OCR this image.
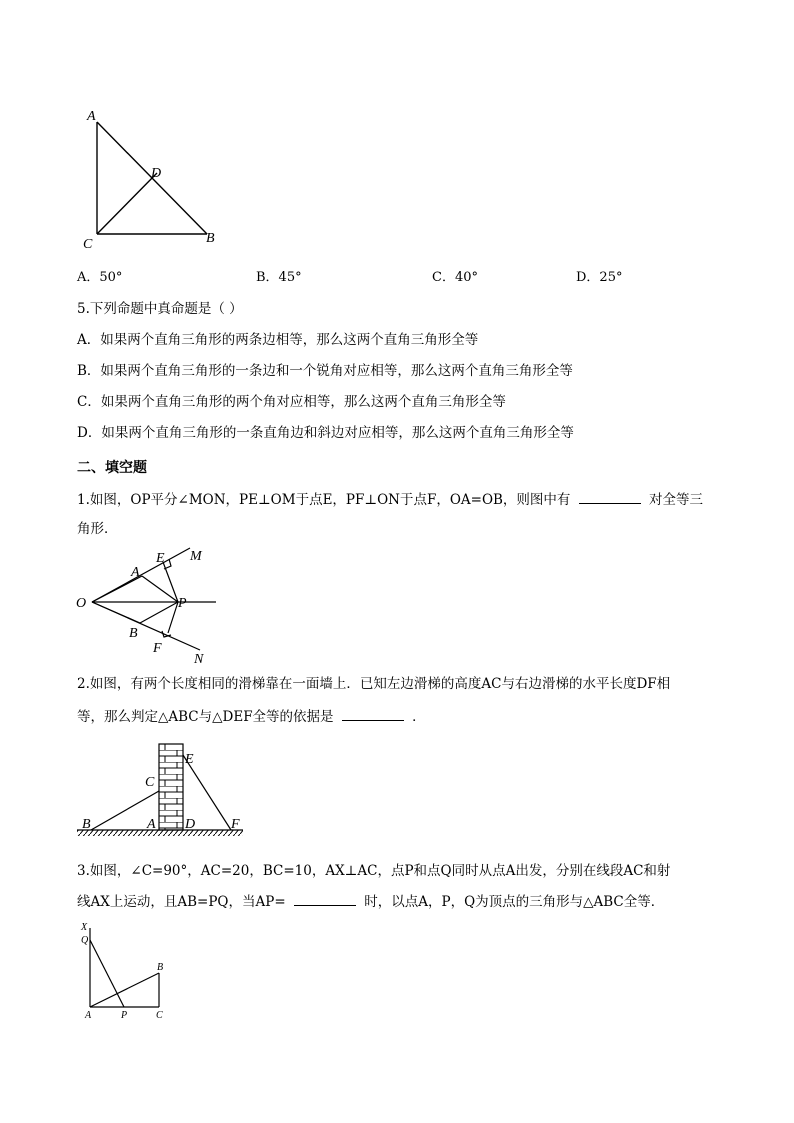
A
C	B
D
A．50°	B．45°	C．40°	D．25°
5.下列命题中真命题是（ ）
A．如果两个直角三角形的两条边相等，那么这两个直角三角形全等
B．如果两个直角三角形的一条边和一个锐角对应相等，那么这两个直角三角形全等
C．如果两个直角三角形的两个角对应相等，那么这两个直角三角形全等
D．如果两个直角三角形的一条直角边和斜边对应相等，那么这两个直角三角形全等
二、填空题
1.如图，OP平分∠MON，PE⊥OM于点E，PF⊥ON于点F，OA=OB，则图中有	对全等三
角形．
O
A
E M
P
B
F
N
2.如图，有两个长度相同的滑梯靠在一面墙上．已知左边滑梯的高度AC与右边滑梯的水平长度DF相
等，那么判定△ABC与△DEF全等的依据是	．
C
E
B	A D	F
3.如图，∠C=90°，AC=20，BC=10，AX⊥AC，点P和点Q同时从点A出发，分别在线段AC和射
线AX上运动，且AB=PQ，当AP=	时，以点A，P，Q为顶点的三角形与△ABC全等．
X
Q
B
A	P	C
